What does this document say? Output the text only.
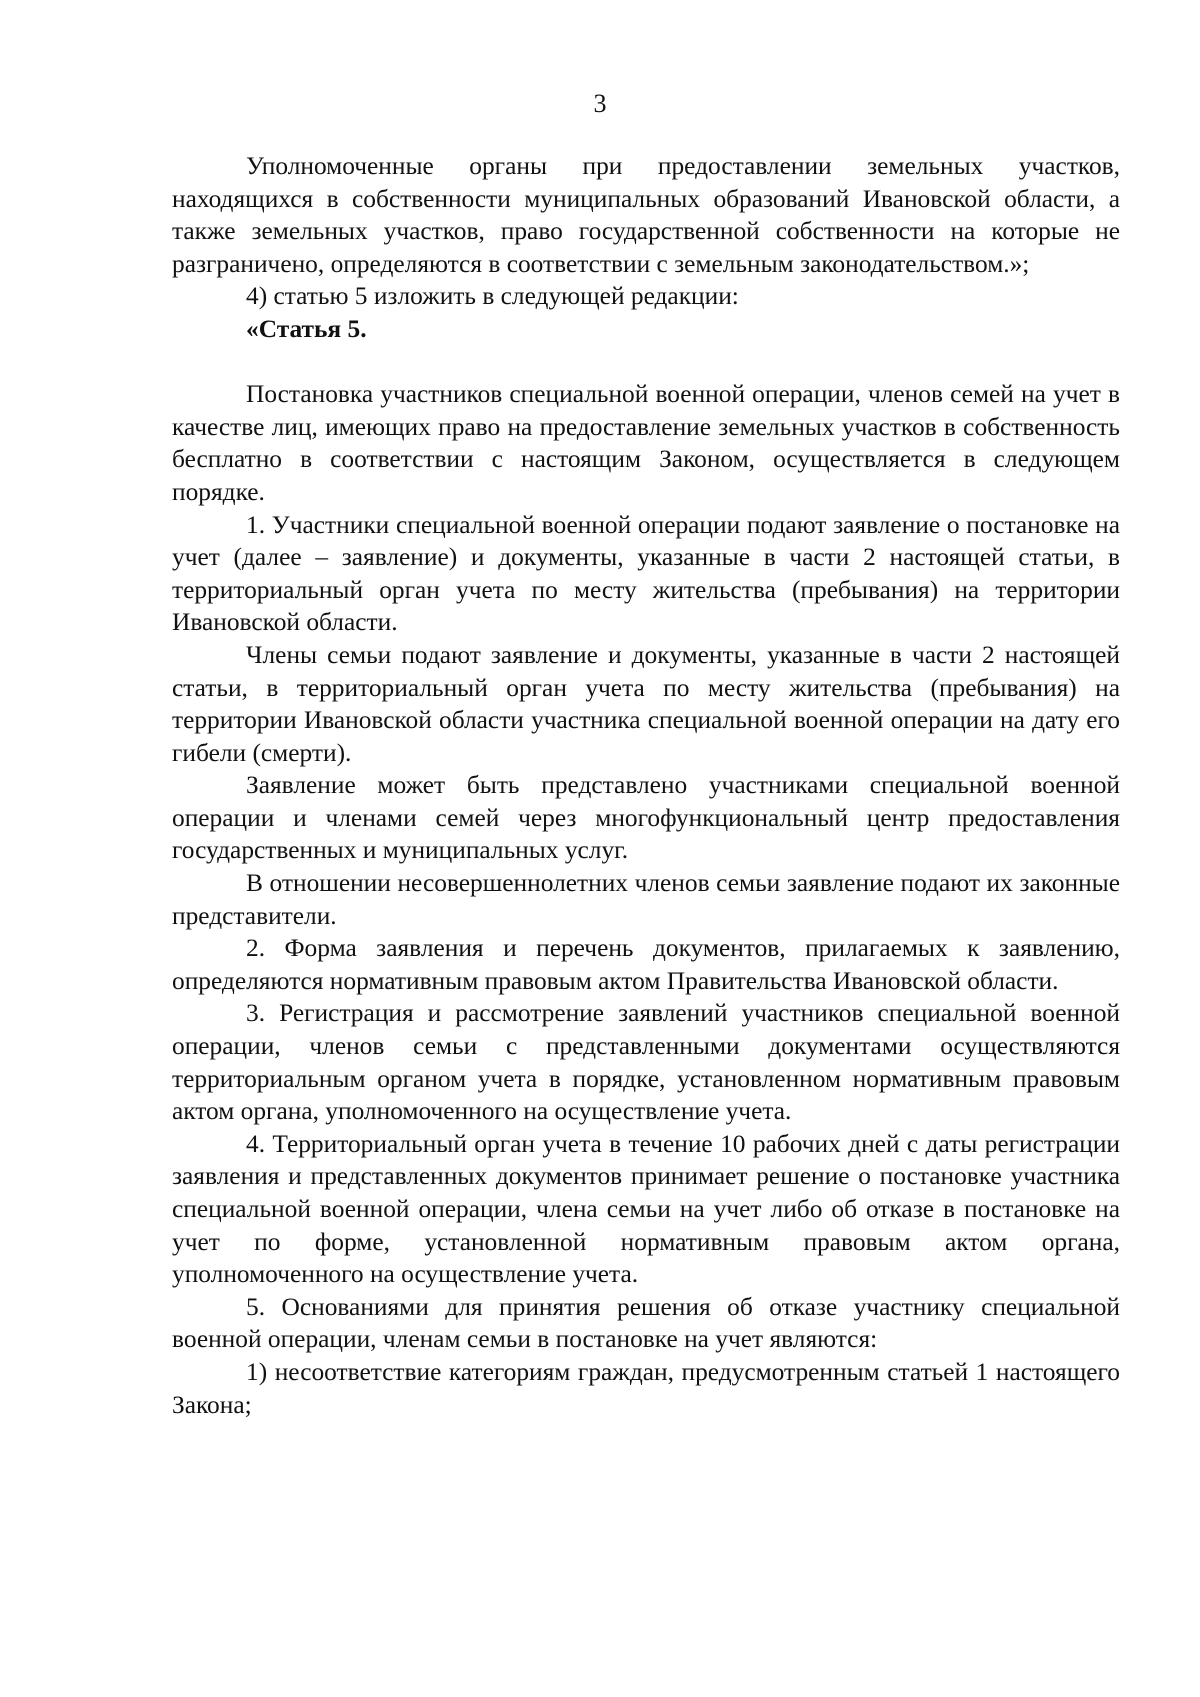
3

Уполномоченные органы при предоставлении земельных участков, находящихся в собственности муниципальных образований Ивановской области, а также земельных участков, право государственной собственности на которые не разграничено, определяются в соответствии с земельным законодательством.»;

4) статью 5 изложить в следующей редакции:

«Статья 5.

Постановка участников специальной военной операции, членов семей на учет в качестве лиц, имеющих право на предоставление земельных участков в собственность бесплатно в соответствии с настоящим Законом, осуществляется в следующем порядке.

1. Участники специальной военной операции подают заявление о постановке на учет (далее – заявление) и документы, указанные в части 2 настоящей статьи, в территориальный орган учета по месту жительства (пребывания) на территории Ивановской области.

Члены семьи подают заявление и документы, указанные в части 2 настоящей статьи, в территориальный орган учета по месту жительства (пребывания) на территории Ивановской области участника специальной военной операции на дату его гибели (смерти).

Заявление может быть представлено участниками специальной военной операции и членами семей через многофункциональный центр предоставления государственных и муниципальных услуг.

В отношении несовершеннолетних членов семьи заявление подают их законные представители.

2. Форма заявления и перечень документов, прилагаемых к заявлению, определяются нормативным правовым актом Правительства Ивановской области.

3. Регистрация и рассмотрение заявлений участников специальной военной операции, членов семьи с представленными документами осуществляются территориальным органом учета в порядке, установленном нормативным правовым актом органа, уполномоченного на осуществление учета.

4. Территориальный орган учета в течение 10 рабочих дней с даты регистрации заявления и представленных документов принимает решение о постановке участника специальной военной операции, члена семьи на учет либо об отказе в постановке на учет по форме, установленной нормативным правовым актом органа, уполномоченного на осуществление учета.

5. Основаниями для принятия решения об отказе участнику специальной военной операции, членам семьи в постановке на учет являются:

1) несоответствие категориям граждан, предусмотренным статьей 1 настоящего Закона;
